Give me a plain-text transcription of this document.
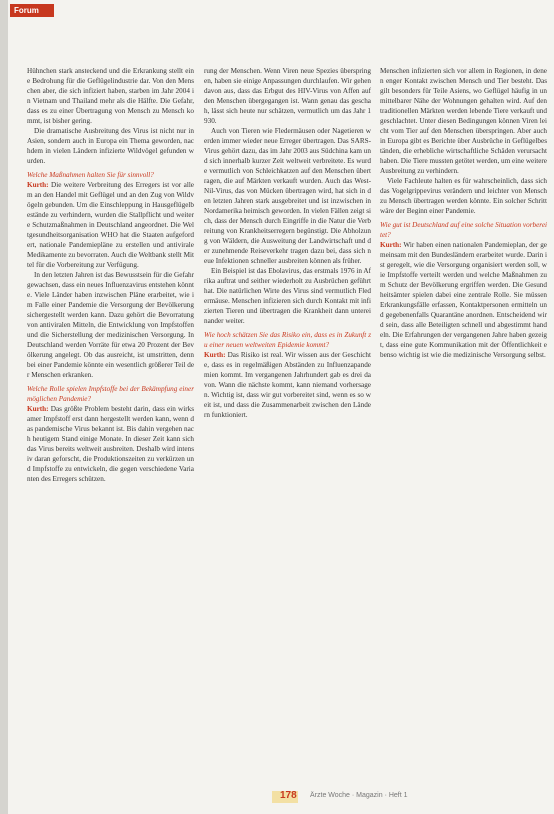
Forum

Hühnchen stark ansteckend und die Erkrankung stellt eine Bedrohung für die Geflügelindustrie dar. Von den Menschen aber, die sich infiziert haben, starben im Jahr 2004 in Vietnam und Thailand mehr als die Hälfte. Die Gefahr, dass es zu einer Übertragung von Mensch zu Mensch kommt, ist bisher gering.

Die dramatische Ausbreitung des Virus ist nicht nur in Asien, sondern auch in Europa ein Thema geworden, nachdem in vielen Ländern infizierte Wildvögel gefunden wurden.

Welche Maßnahmen halten Sie für sinnvoll?

Kurth: Die weitere Verbreitung des Erregers ist vor allem an den Handel mit Geflügel und an den Zug von Wildvögeln gebunden. Um die Einschleppung in Hausgeflügelbestände zu verhindern, wurden die Stallpflicht und weitere Schutzmaßnahmen in Deutschland angeordnet. Die Weltgesundheitsorganisation WHO hat die Staaten aufgefordert, nationale Pandemiepläne zu erstellen und antivirale Medikamente zu bevorraten. Auch die Weltbank stellt Mittel für die Vorbereitung zur Verfügung.

In den letzten Jahren ist das Bewusstsein für die Gefahr gewachsen, dass ein neues Influenzavirus entstehen könnte. Viele Länder haben inzwischen Pläne erarbeitet, wie im Falle einer Pandemie die Versorgung der Bevölkerung sichergestellt werden kann. Dazu gehört die Bevorratung von antiviralen Mitteln, die Entwicklung von Impfstoffen und die Sicherstellung der medizinischen Versorgung. In Deutschland werden Vorräte für etwa 20 Prozent der Bevölkerung angelegt. Ob das ausreicht, ist umstritten, denn bei einer Pandemie könnte ein wesentlich größerer Teil der Menschen erkranken.

Welche Rolle spielen Impfstoffe bei der Bekämpfung einer möglichen Pandemie?

Kurth: Das größte Problem besteht darin, dass ein wirksamer Impfstoff erst dann hergestellt werden kann, wenn das pandemische Virus bekannt ist. Bis dahin vergehen nach heutigem Stand einige Monate. In dieser Zeit kann sich das Virus bereits weltweit ausbreiten. Deshalb wird intensiv daran geforscht, die Produktionszeiten zu verkürzen und Impfstoffe zu entwickeln, die gegen verschiedene Varianten des Erregers schützen.

rung der Menschen. Wenn Viren neue Spezies überspringen, haben sie einige Anpassungen durchlaufen. Wir gehen davon aus, dass das Erbgut des HIV-Virus von Affen auf den Menschen übergegangen ist. Wann genau das geschah, lässt sich heute nur schätzen, vermutlich um das Jahr 1930.

Auch von Tieren wie Fledermäusen oder Nagetieren werden immer wieder neue Erreger übertragen. Das SARS-Virus gehört dazu, das im Jahr 2003 aus Südchina kam und sich innerhalb kurzer Zeit weltweit verbreitete. Es wurde vermutlich von Schleichkatzen auf den Menschen übertragen, die auf Märkten verkauft wurden. Auch das West-Nil-Virus, das von Mücken übertragen wird, hat sich in den letzten Jahren stark ausgebreitet und ist inzwischen in Nordamerika heimisch geworden. In vielen Fällen zeigt sich, dass der Mensch durch Eingriffe in die Natur die Verbreitung von Krankheitserregern begünstigt. Die Abholzung von Wäldern, die Ausweitung der Landwirtschaft und der zunehmende Reiseverkehr tragen dazu bei, dass sich neue Infektionen schneller ausbreiten können als früher.

Ein Beispiel ist das Ebolavirus, das erstmals 1976 in Afrika auftrat und seither wiederholt zu Ausbrüchen geführt hat. Die natürlichen Wirte des Virus sind vermutlich Fledermäuse. Menschen infizieren sich durch Kontakt mit infizierten Tieren und übertragen die Krankheit dann untereinander weiter.

Wie hoch schätzen Sie das Risiko ein, dass es in Zukunft zu einer neuen weltweiten Epidemie kommt?

Kurth: Das Risiko ist real. Wir wissen aus der Geschichte, dass es in regelmäßigen Abständen zu Influenzapandemien kommt. Im vergangenen Jahrhundert gab es drei davon. Wann die nächste kommt, kann niemand vorhersagen. Wichtig ist, dass wir gut vorbereitet sind, wenn es so weit ist, und dass die Zusammenarbeit zwischen den Ländern funktioniert.

Menschen infizierten sich vor allem in Regionen, in denen enger Kontakt zwischen Mensch und Tier besteht. Das gilt besonders für Teile Asiens, wo Geflügel häufig in unmittelbarer Nähe der Wohnungen gehalten wird. Auf den traditionellen Märkten werden lebende Tiere verkauft und geschlachtet. Unter diesen Bedingungen können Viren leicht vom Tier auf den Menschen überspringen. Aber auch in Europa gibt es Berichte über Ausbrüche in Geflügelbeständen, die erhebliche wirtschaftliche Schäden verursacht haben. Die Tiere mussten getötet werden, um eine weitere Ausbreitung zu verhindern.

Viele Fachleute halten es für wahrscheinlich, dass sich das Vogelgrippevirus verändern und leichter von Mensch zu Mensch übertragen werden könnte. Ein solcher Schritt wäre der Beginn einer Pandemie.

Wie gut ist Deutschland auf eine solche Situation vorbereitet?

Kurth: Wir haben einen nationalen Pandemieplan, der gemeinsam mit den Bundesländern erarbeitet wurde. Darin ist geregelt, wie die Versorgung organisiert werden soll, wie Impfstoffe verteilt werden und welche Maßnahmen zum Schutz der Bevölkerung ergriffen werden. Die Gesundheitsämter spielen dabei eine zentrale Rolle. Sie müssen Erkrankungsfälle erfassen, Kontaktpersonen ermitteln und gegebenenfalls Quarantäne anordnen. Entscheidend wird sein, dass alle Beteiligten schnell und abgestimmt handeln. Die Erfahrungen der vergangenen Jahre haben gezeigt, dass eine gute Kommunikation mit der Öffentlichkeit ebenso wichtig ist wie die medizinische Versorgung selbst.

178 Ärzte Woche · Magazin · Heft 1
